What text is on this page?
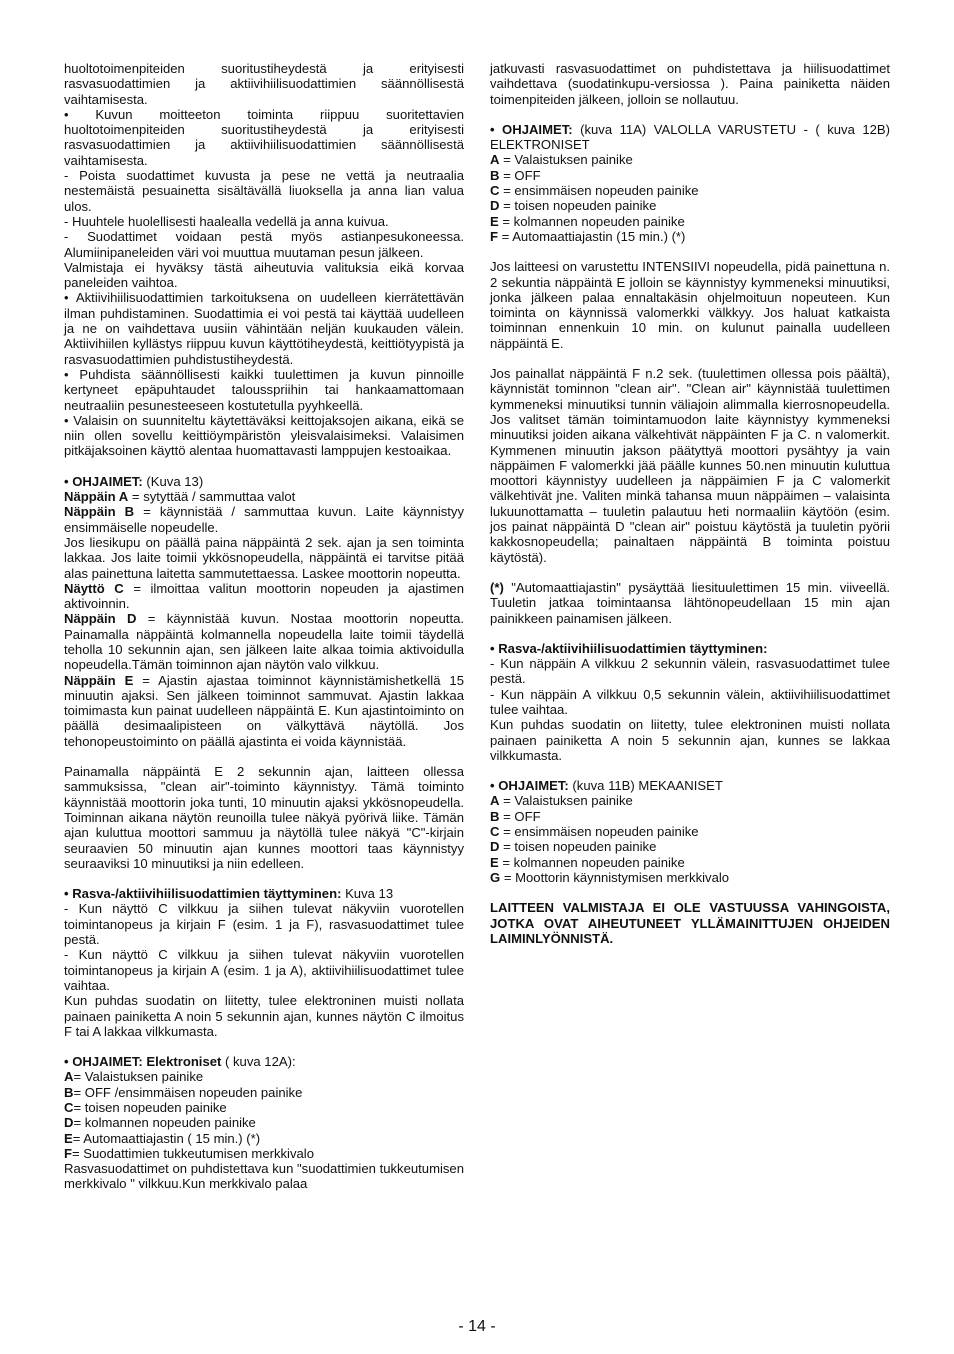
huoltotoimenpiteiden suoritustiheydestä ja erityisesti rasvasuodattimien ja aktiivihiilisuodattimien säännöllisestä vaihtamisesta.

• Kuvun moitteeton toiminta riippuu suoritettavien huoltotoimenpiteiden suoritustiheydestä ja erityisesti rasvasuodattimien ja aktiivihiilisuodattimien säännöllisestä vaihtamisesta.

- Poista suodattimet kuvusta ja pese ne vettä ja neutraalia nestemäistä pesuainetta sisältävällä liuoksella ja anna lian valua ulos.

- Huuhtele huolellisesti haalealla vedellä ja anna kuivua.

- Suodattimet voidaan pestä myös astianpesukoneessa. Alumiinipaneleiden väri voi muuttua muutaman pesun jälkeen.

Valmistaja ei hyväksy tästä aiheutuvia valituksia eikä korvaa paneleiden vaihtoa.

• Aktiivihiilisuodattimien tarkoituksena on uudelleen kierrätettävän ilman puhdistaminen. Suodattimia ei voi pestä tai käyttää uudelleen ja ne on vaihdettava uusiin vähintään neljän kuukauden välein. Aktiivihiilen kyllästys riippuu kuvun käyttötiheydestä, keittiötyypistä ja rasvasuodattimien puhdistustiheydestä.

• Puhdista säännöllisesti kaikki tuulettimen ja kuvun pinnoille kertyneet epäpuhtaudet talousspriihin tai hankaamattomaan neutraaliin pesunesteeseen kostutetulla pyyhkeellä.

• Valaisin on suunniteltu käytettäväksi keittojaksojen aikana, eikä se niin ollen sovellu keittiöympäristön yleisvalaisimeksi. Valaisimen pitkäjaksoinen käyttö alentaa huomattavasti lamppujen kestoaikaa.

• OHJAIMET: (Kuva 13)

Näppäin A = sytyttää / sammuttaa valot

Näppäin B = käynnistää / sammuttaa kuvun. Laite käynnistyy ensimmäiselle nopeudelle.

Jos liesikupu on päällä paina näppäintä 2 sek. ajan ja sen toiminta lakkaa. Jos laite toimii ykkösnopeudella, näppäintä ei tarvitse pitää alas painettuna laitetta sammutettaessa. Laskee moottorin nopeutta.

Näyttö C = ilmoittaa valitun moottorin nopeuden ja ajastimen aktivoinnin.

Näppäin D = käynnistää kuvun. Nostaa moottorin nopeutta. Painamalla näppäintä kolmannella nopeudella laite toimii täydellä teholla 10 sekunnin ajan, sen jälkeen laite alkaa toimia aktivoidulla nopeudella.Tämän toiminnon ajan näytön valo vilkkuu.

Näppäin E = Ajastin ajastaa toiminnot käynnistämishetkellä 15 minuutin ajaksi. Sen jälkeen toiminnot sammuvat. Ajastin lakkaa toimimasta kun painat uudelleen näppäintä E. Kun ajastintoiminto on päällä desimaalipisteen on välkyttävä näytöllä. Jos tehonopeustoiminto on päällä ajastinta ei voida käynnistää.

Painamalla näppäintä E 2 sekunnin ajan, laitteen ollessa sammuksissa, "clean air"-toiminto käynnistyy. Tämä toiminto käynnistää moottorin joka tunti, 10 minuutin ajaksi ykkösnopeudella. Toiminnan aikana näytön reunoilla tulee näkyä pyörivä liike. Tämän ajan kuluttua moottori sammuu ja näytöllä tulee näkyä "C"-kirjain seuraavien 50 minuutin ajan kunnes moottori taas käynnistyy seuraaviksi 10 minuutiksi ja niin edelleen.

• Rasva-/aktiivihiilisuodattimien täyttyminen: Kuva 13

- Kun näyttö C vilkkuu ja siihen tulevat näkyviin vuorotellen toimintanopeus ja kirjain F (esim. 1 ja F), rasvasuodattimet tulee pestä.

- Kun näyttö C vilkkuu ja siihen tulevat näkyviin vuorotellen toimintanopeus ja kirjain A (esim. 1 ja A), aktiivihiilisuodattimet tulee vaihtaa.

Kun puhdas suodatin on liitetty, tulee elektroninen muisti nollata painaen painiketta A noin 5 sekunnin ajan, kunnes näytön C ilmoitus F tai A lakkaa vilkkumasta.

• OHJAIMET: Elektroniset ( kuva 12A):

A= Valaistuksen painike

B= OFF /ensimmäisen nopeuden painike

C= toisen nopeuden painike

D= kolmannen nopeuden painike

E= Automaattiajastin ( 15 min.) (*)

F= Suodattimien tukkeutumisen merkkivalo

Rasvasuodattimet on puhdistettava kun "suodattimien tukkeutumisen merkkivalo " vilkkuu.Kun merkkivalo palaa

jatkuvasti rasvasuodattimet on puhdistettava ja hiilisuodattimet vaihdettava (suodatinkupu-versiossa ). Paina painiketta näiden toimenpiteiden jälkeen, jolloin se nollautuu.

• OHJAIMET: (kuva 11A) VALOLLA VARUSTETU - ( kuva 12B) ELEKTRONISET

A = Valaistuksen painike

B = OFF

C = ensimmäisen nopeuden painike

D = toisen nopeuden painike

E = kolmannen nopeuden painike

F = Automaattiajastin (15 min.) (*)

Jos laitteesi on varustettu INTENSIIVI nopeudella, pidä painettuna n. 2 sekuntia näppäintä E jolloin se käynnistyy kymmeneksi minuutiksi, jonka jälkeen palaa ennaltakäsin ohjelmoituun nopeuteen. Kun toiminta on käynnissä valomerkki välkkyy. Jos haluat katkaista toiminnan ennenkuin 10 min. on kulunut painalla uudelleen näppäintä E.

Jos painallat näppäintä F n.2 sek. (tuulettimen ollessa pois päältä), käynnistät tominnon "clean air". "Clean air" käynnistää tuulettimen kymmeneksi minuutiksi tunnin väliajoin alimmalla kierrosnopeudella. Jos valitset tämän toimintamuodon laite käynnistyy kymmeneksi minuutiksi joiden aikana välkehtivät näppäinten F ja C. n valomerkit. Kymmenen minuutin jakson päätyttyä moottori pysähtyy ja vain näppäimen F valomerkki jää päälle kunnes 50.nen minuutin kuluttua moottori käynnistyy uudelleen ja näppäimien F ja C valomerkit välkehtivät jne. Valiten minkä tahansa muun näppäimen – valaisinta lukuunottamatta – tuuletin palautuu heti normaaliin käytöön (esim. jos painat näppäintä D "clean air" poistuu käytöstä ja tuuletin pyörii kakkosnopeudella; painaltaen näppäintä B toiminta poistuu käytöstä).

(*) "Automaattiajastin" pysäyttää liesituulettimen 15 min. viiveellä. Tuuletin jatkaa toimintaansa lähtönopeudellaan 15 min ajan painikkeen painamisen jälkeen.

• Rasva-/aktiivihiilisuodattimien täyttyminen:

- Kun näppäin A vilkkuu 2 sekunnin välein, rasvasuodattimet tulee pestä.

- Kun näppäin A vilkkuu 0,5 sekunnin välein, aktiivihiilisuodattimet tulee vaihtaa.

Kun puhdas suodatin on liitetty, tulee elektroninen muisti nollata painaen painiketta A noin 5 sekunnin ajan, kunnes se lakkaa vilkkumasta.

• OHJAIMET: (kuva 11B) MEKAANISET

A = Valaistuksen painike

B = OFF

C = ensimmäisen nopeuden painike

D = toisen nopeuden painike

E = kolmannen nopeuden painike

G = Moottorin käynnistymisen merkkivalo

LAITTEEN VALMISTAJA EI OLE VASTUUSSA VAHINGOISTA, JOTKA OVAT AIHEUTUNEET YLLÄMAINITTUJEN OHJEIDEN LAIMINLYÖNNISTÄ.

- 14 -
